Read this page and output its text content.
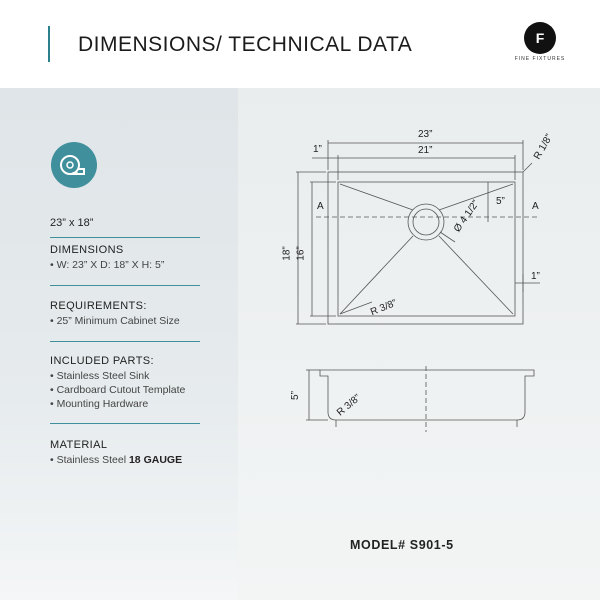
DIMENSIONS/ TECHNICAL DATA	F
FINE FIXTURES
23” x 18”
DIMENSIONS
• W: 23” X D: 18” X H: 5”
REQUIREMENTS:
• 25” Minimum Cabinet Size
INCLUDED PARTS:
• Stainless Steel Sink
• Cardboard Cutout Template
• Mounting Hardware
MATERIAL
• Stainless Steel 18 GAUGE
23”
21”
1”	R 1/8”
18” 16”
A	A
5”
Ø 4 1/2”
R 3/8”
1”
5”	R 3/8”
MODEL# S901-5
